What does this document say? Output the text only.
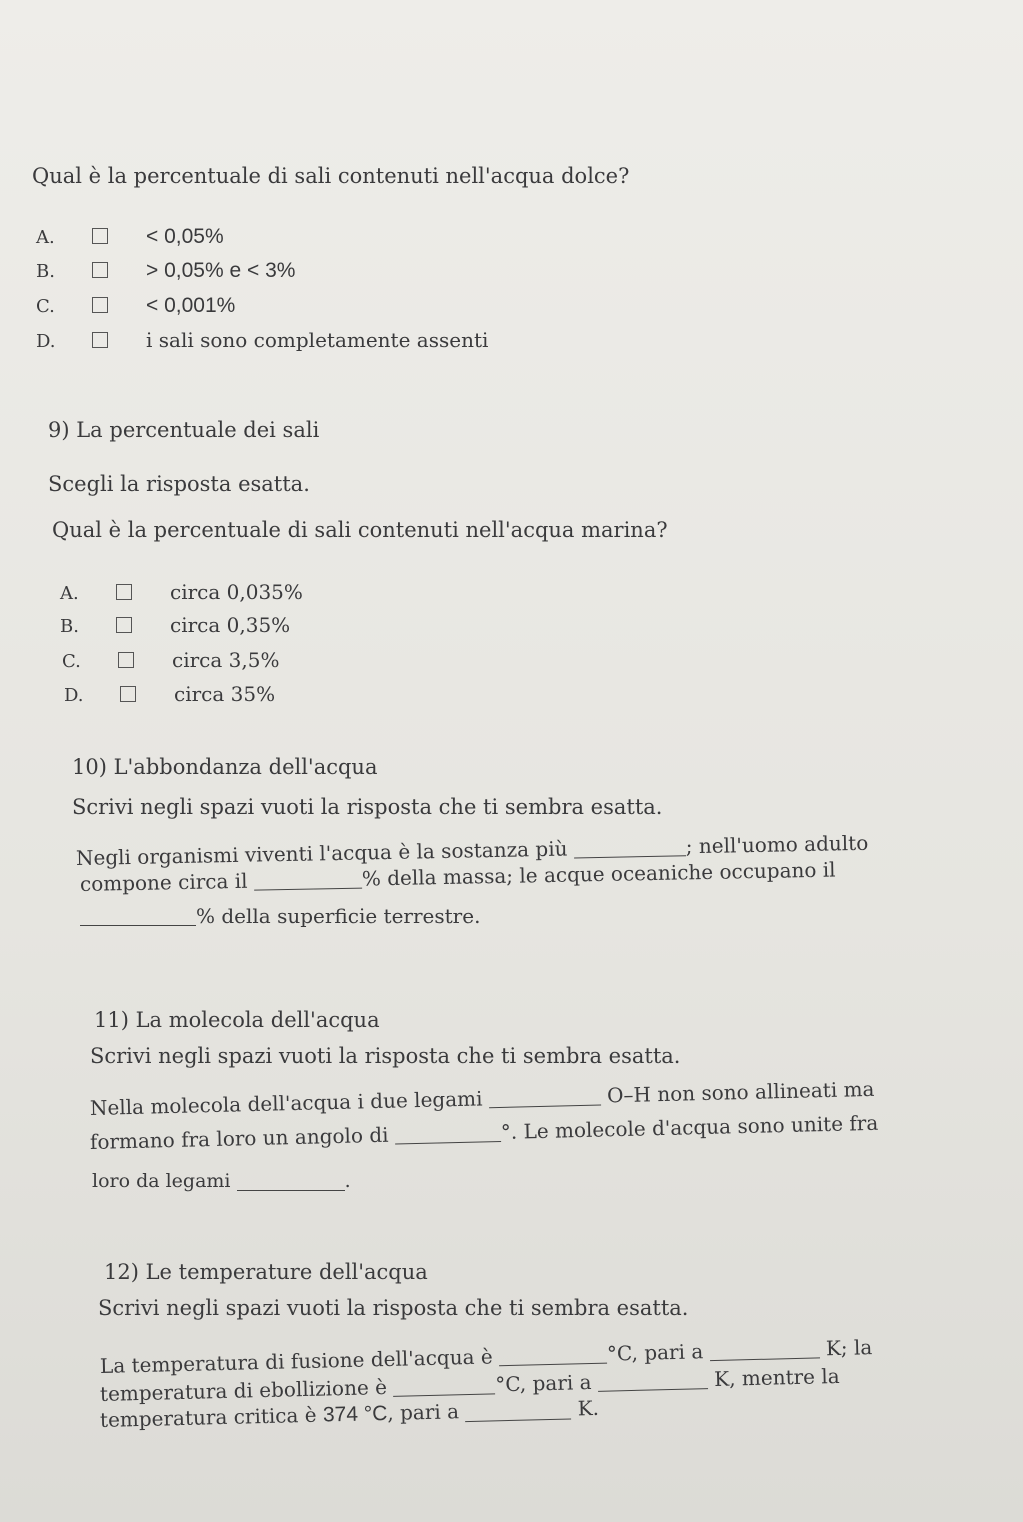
Qual è la percentuale di sali contenuti nell'acqua dolce?
A.	< 0,05%
B.	> 0,05% e < 3%
C.	< 0,001%
D.	i sali sono completamente assenti
9) La percentuale dei sali
Scegli la risposta esatta.
Qual è la percentuale di sali contenuti nell'acqua marina?
A.	circa 0,035%
B.	circa 0,35%
C.	circa 3,5%
D.	circa 35%
10) L'abbondanza dell'acqua
Scrivi negli spazi vuoti la risposta che ti sembra esatta.
Negli organismi viventi l'acqua è la sostanza più	; nell'uomo adulto
compone circa il	% della massa; le acque oceaniche occupano il
% della superficie terrestre.
11) La molecola dell'acqua
Scrivi negli spazi vuoti la risposta che ti sembra esatta.
Nella molecola dell'acqua i due legami	O–H non sono allineati ma
formano fra loro un angolo di	°. Le molecole d'acqua sono unite fra
loro da legami	.
12) Le temperature dell'acqua
Scrivi negli spazi vuoti la risposta che ti sembra esatta.
La temperatura di fusione dell'acqua è	°C, pari a	K; la
temperatura di ebollizione è	°C, pari a	K, mentre la
temperatura critica è 374 °C, pari a	K.
